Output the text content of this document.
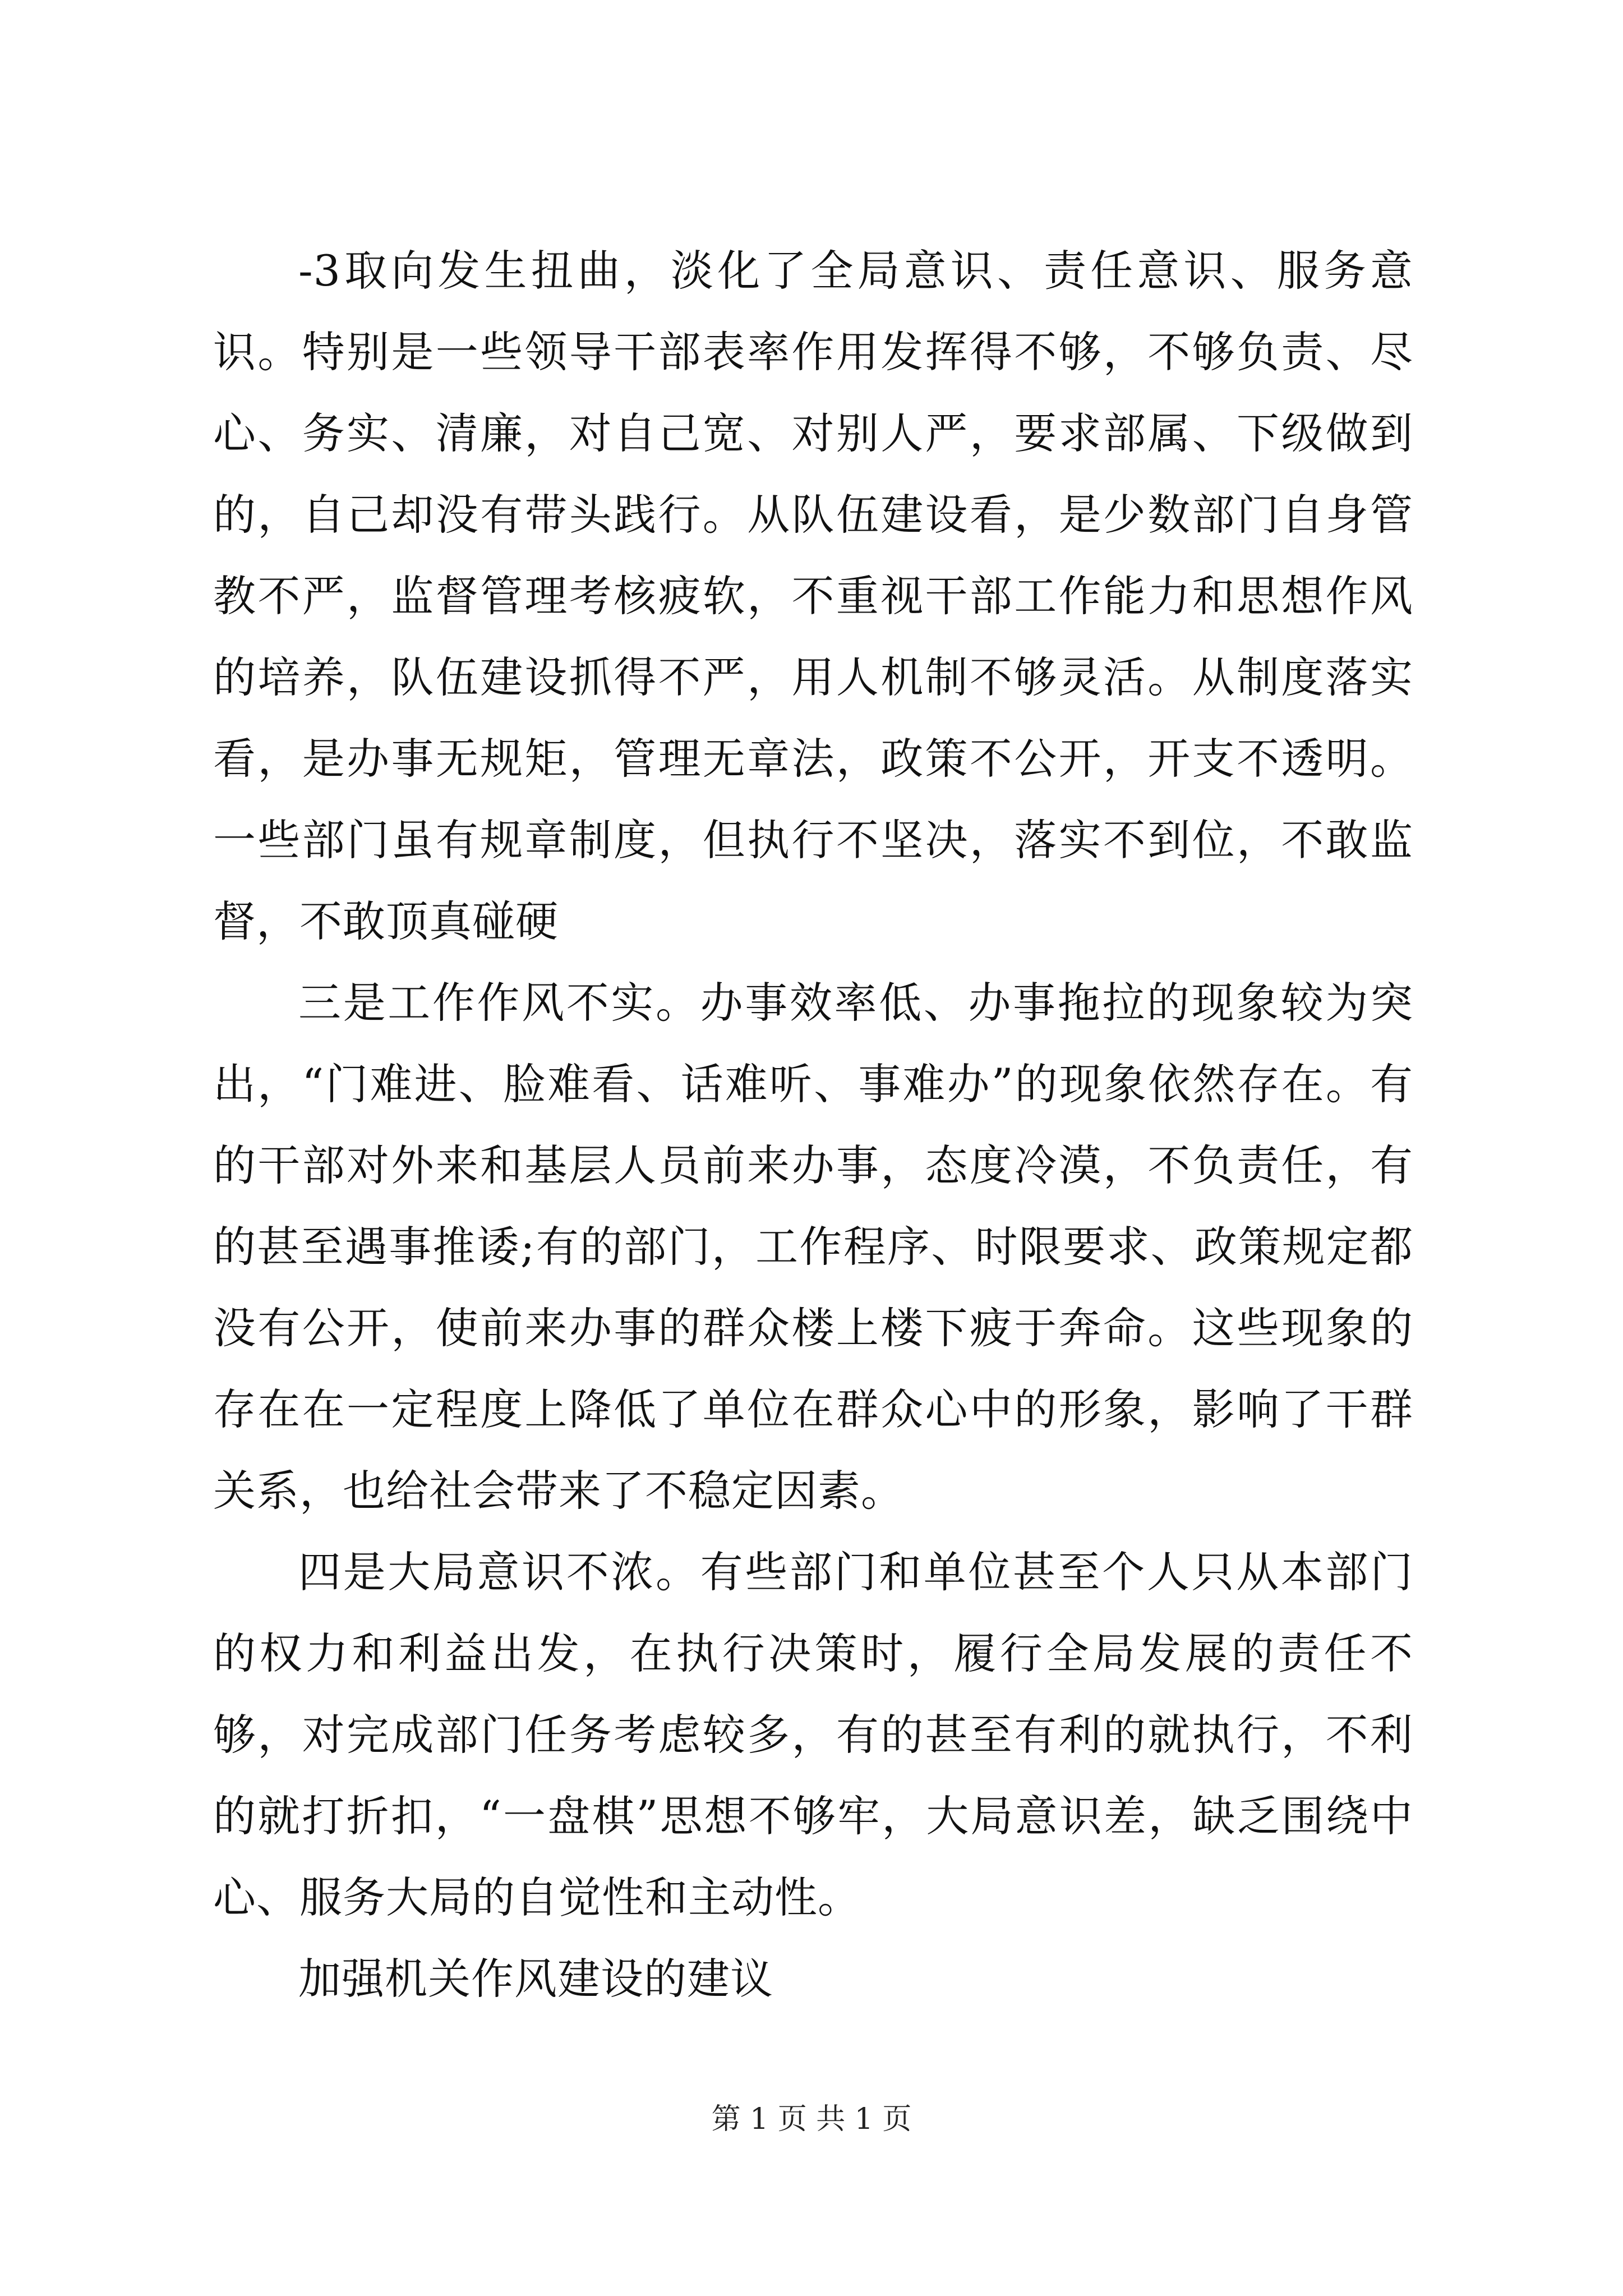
-3取向发生扭曲，淡化了全局意识、责任意识、服务意识。特别是一些领导干部表率作用发挥得不够，不够负责、尽心、务实、清廉，对自己宽、对别人严，要求部属、下级做到的，自己却没有带头践行。从队伍建设看，是少数部门自身管教不严，监督管理考核疲软，不重视干部工作能力和思想作风的培养，队伍建设抓得不严，用人机制不够灵活。从制度落实看，是办事无规矩，管理无章法，政策不公开，开支不透明。一些部门虽有规章制度，但执行不坚决，落实不到位，不敢监督，不敢顶真碰硬

三是工作作风不实。办事效率低、办事拖拉的现象较为突出，“门难进、脸难看、话难听、事难办”的现象依然存在。有的干部对外来和基层人员前来办事，态度冷漠，不负责任，有的甚至遇事推诿;有的部门，工作程序、时限要求、政策规定都没有公开，使前来办事的群众楼上楼下疲于奔命。这些现象的存在在一定程度上降低了单位在群众心中的形象，影响了干群关系，也给社会带来了不稳定因素。

四是大局意识不浓。有些部门和单位甚至个人只从本部门的权力和利益出发，在执行决策时，履行全局发展的责任不够，对完成部门任务考虑较多，有的甚至有利的就执行，不利的就打折扣，“一盘棋”思想不够牢，大局意识差，缺乏围绕中心、服务大局的自觉性和主动性。

加强机关作风建设的建议

第 1 页 共 1 页
